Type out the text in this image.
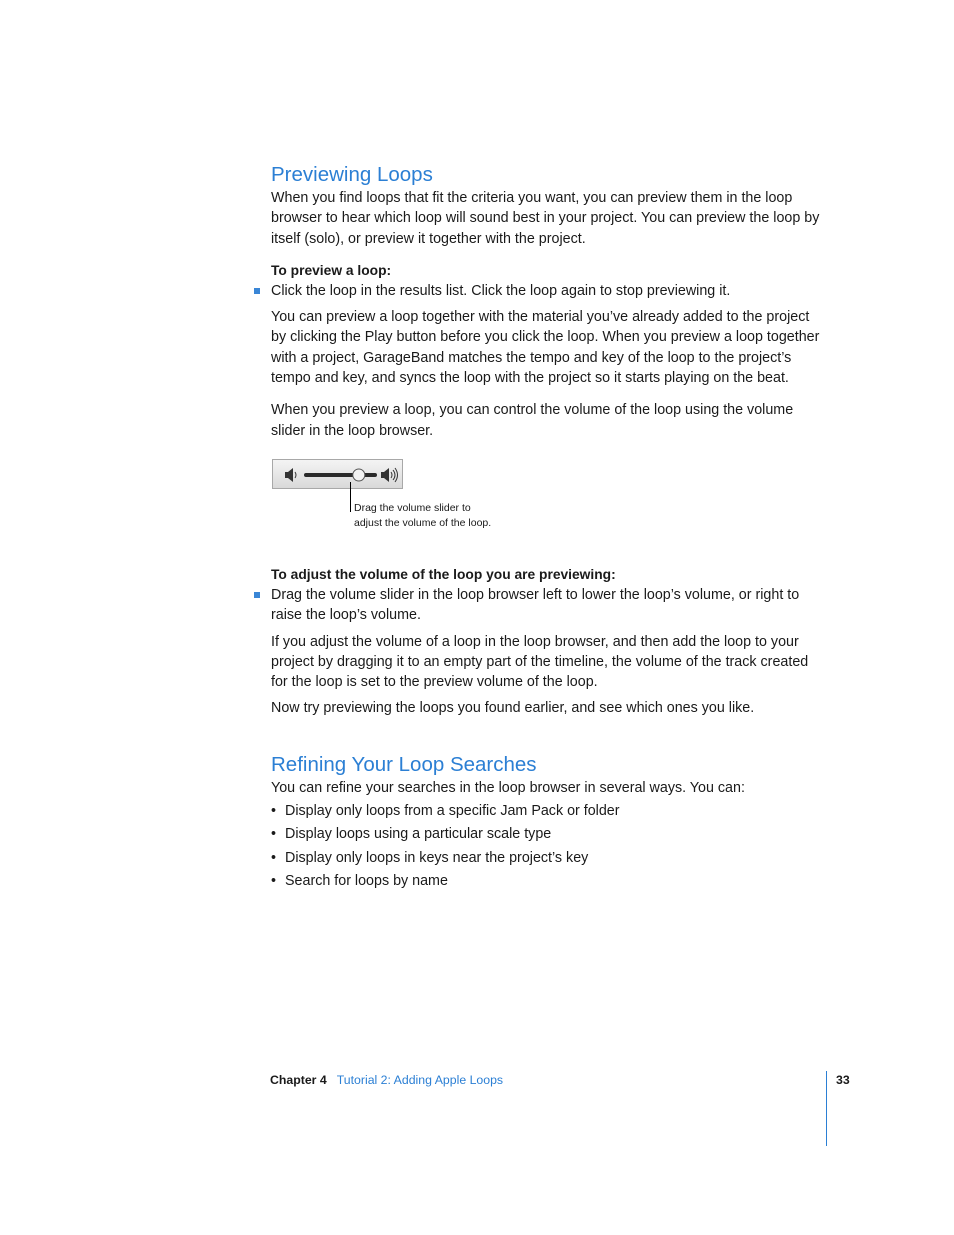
Previewing Loops

When you find loops that fit the criteria you want, you can preview them in the loop browser to hear which loop will sound best in your project. You can preview the loop by itself (solo), or preview it together with the project.

To preview a loop:
Click the loop in the results list. Click the loop again to stop previewing it.

You can preview a loop together with the material you’ve already added to the project by clicking the Play button before you click the loop. When you preview a loop together with a project, GarageBand matches the tempo and key of the loop to the project’s tempo and key, and syncs the loop with the project so it starts playing on the beat.

When you preview a loop, you can control the volume of the loop using the volume slider in the loop browser.

Drag the volume slider to
adjust the volume of the loop.
To adjust the volume of the loop you are previewing:
Drag the volume slider in the loop browser left to lower the loop’s volume, or right to raise the loop’s volume.

If you adjust the volume of a loop in the loop browser, and then add the loop to your project by dragging it to an empty part of the timeline, the volume of the track created for the loop is set to the preview volume of the loop.

Now try previewing the loops you found earlier, and see which ones you like.

Refining Your Loop Searches

You can refine your searches in the loop browser in several ways. You can:

• Display only loops from a specific Jam Pack or folder
• Display loops using a particular scale type
• Display only loops in keys near the project’s key
• Search for loops by name
Chapter 4 Tutorial 2: Adding Apple Loops	33
